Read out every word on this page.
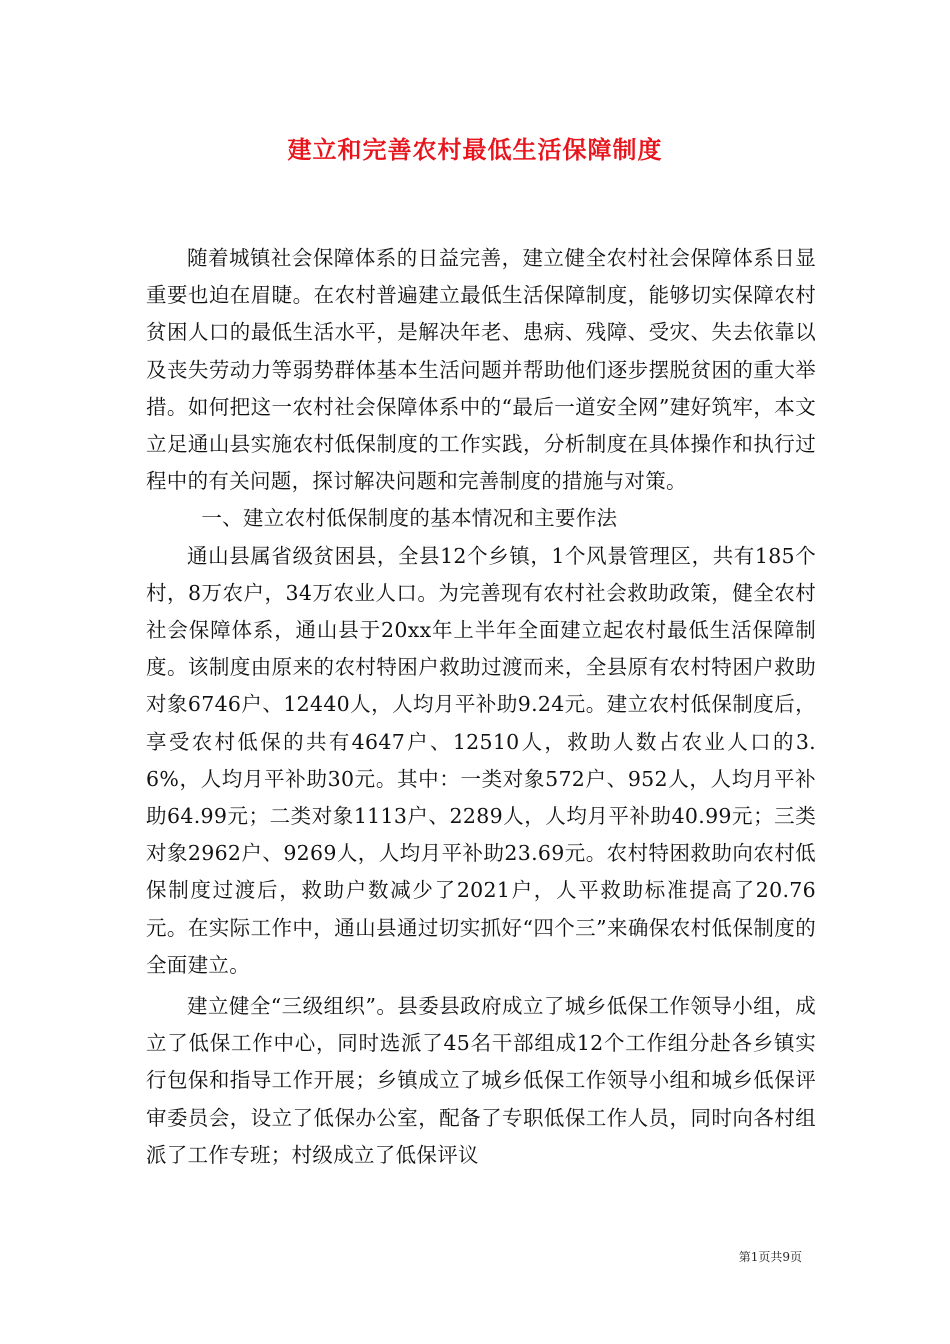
建立和完善农村最低生活保障制度

随着城镇社会保障体系的日益完善，建立健全农村社会保障体系日显重要也迫在眉睫。在农村普遍建立最低生活保障制度，能够切实保障农村贫困人口的最低生活水平，是解决年老、患病、残障、受灾、失去依靠以及丧失劳动力等弱势群体基本生活问题并帮助他们逐步摆脱贫困的重大举措。如何把这一农村社会保障体系中的“最后一道安全网”建好筑牢，本文立足通山县实施农村低保制度的工作实践，分析制度在具体操作和执行过程中的有关问题，探讨解决问题和完善制度的措施与对策。

一、建立农村低保制度的基本情况和主要作法

通山县属省级贫困县，全县12个乡镇，1个风景管理区，共有185个村，8万农户，34万农业人口。为完善现有农村社会救助政策，健全农村社会保障体系，通山县于20xx年上半年全面建立起农村最低生活保障制度。该制度由原来的农村特困户救助过渡而来，全县原有农村特困户救助对象6746户、12440人，人均月平补助9.24元。建立农村低保制度后，享受农村低保的共有4647户、12510人，救助人数占农业人口的3.6%，人均月平补助30元。其中：一类对象572户、952人，人均月平补助64.99元；二类对象1113户、2289人，人均月平补助40.99元；三类对象2962户、9269人，人均月平补助23.69元。农村特困救助向农村低保制度过渡后，救助户数减少了2021户，人平救助标准提高了20.76元。在实际工作中，通山县通过切实抓好“四个三”来确保农村低保制度的全面建立。

建立健全“三级组织”。县委县政府成立了城乡低保工作领导小组，成立了低保工作中心，同时选派了45名干部组成12个工作组分赴各乡镇实行包保和指导工作开展；乡镇成立了城乡低保工作领导小组和城乡低保评审委员会，设立了低保办公室，配备了专职低保工作人员，同时向各村组派了工作专班；村级成立了低保评议

第1页共9页
